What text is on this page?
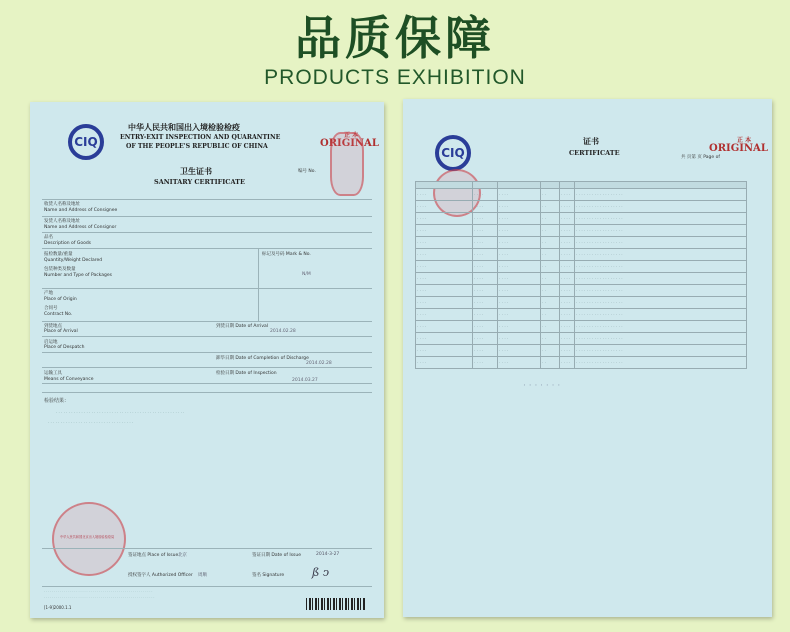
品质保障
PRODUCTS EXHIBITION
CIQ
中华人民共和国出入境检验检疫
ENTRY-EXIT INSPECTION AND QUARANTINE
OF THE PEOPLE'S REPUBLIC OF CHINA
正 本
ORIGINAL
编号 No.
卫生证书
SANITARY CERTIFICATE
收货人名称及地址
Name and Address of Consignee
发货人名称及地址
Name and Address of Consignor
品名
Description of Goods
报检数量/重量
Quantity/Weight Declared
包装种类及数量
Number and Type of Packages
产地
Place of Origin
合同号
Contract No.
到货地点
Place of Arrival
启运地
Place of Despatch
运输工具
Means of Conveyance
标记及号码 Mark & No.
N/M
到货日期 Date of Arrival
2014.02.28
卸毕日期 Date of Completion of Discharge
2014.02.28
检验日期 Date of Inspection
2014.03.27
检验结果：
· · · · · · · · · · · · · · · · · · · · · · · · · · · · · · · · · · · · · · · · · · · · · · · · · · ·
· · · · · · · · · · · · · · · · · · · · · · · · · · · · · · · · · ·
中华人民共和国北京出入境检验检疫局
签证地点 Place of Issue 北京	签证日期 Date of Issue	2014-3-27
授权签字人 Authorized Officer 周顺	签名 Signature	ß ↄ
· · · · · · · · · · · · · · · · · · · · · · · · · · · · · · · · · · · · · · · · · · · · · · · · · · · · · ·
· · · · · · · · · · · · · · · · · · · · · · · · · · · · · · · · · · · · · · · · · · · · · · · · · · · · · · ·
[1-9]2000.1.1
CIQ
证书
CERTIFICATE
正 本
ORIGINAL
共 页第 页 Page of

· · · ·	· · · ·	· · · ·	· ·	· · · ·	· · · · · · · · · · · · · · · · · ·
· · · ·	· · · ·	· · · ·	· ·	· · · ·	· · · · · · · · · · · · · · · · · ·
· · · ·	· · · ·	· · · ·	· ·	· · · ·	· · · · · · · · · · · · · · · · · ·
· · · ·	· · · ·	· · · ·	· ·	· · · ·	· · · · · · · · · · · · · · · · · ·
· · · ·	· · · ·	· · · ·	· ·	· · · ·	· · · · · · · · · · · · · · · · · ·
· · · ·	· · · ·	· · · ·	· ·	· · · ·	· · · · · · · · · · · · · · · · · ·
· · · ·	· · · ·	· · · ·	· ·	· · · ·	· · · · · · · · · · · · · · · · · ·
· · · ·	· · · ·	· · · ·	· ·	· · · ·	· · · · · · · · · · · · · · · · · ·
· · · ·	· · · ·	· · · ·	· ·	· · · ·	· · · · · · · · · · · · · · · · · ·
· · · ·	· · · ·	· · · ·	· ·	· · · ·	· · · · · · · · · · · · · · · · · ·
· · · ·	· · · ·	· · · ·	· ·	· · · ·	· · · · · · · · · · · · · · · · · ·
· · · ·	· · · ·	· · · ·	· ·	· · · ·	· · · · · · · · · · · · · · · · · ·
· · · ·	· · · ·	· · · ·	· ·	· · · ·	· · · · · · · · · · · · · · · · · ·
· · · ·	· · · ·	· · · ·	· ·	· · · ·	· · · · · · · · · · · · · · · · · ·
· · · ·	· · · ·	· · · ·	· ·	· · · ·	· · · · · · · · · · · · · · · · · ·
· · · · · · ·
